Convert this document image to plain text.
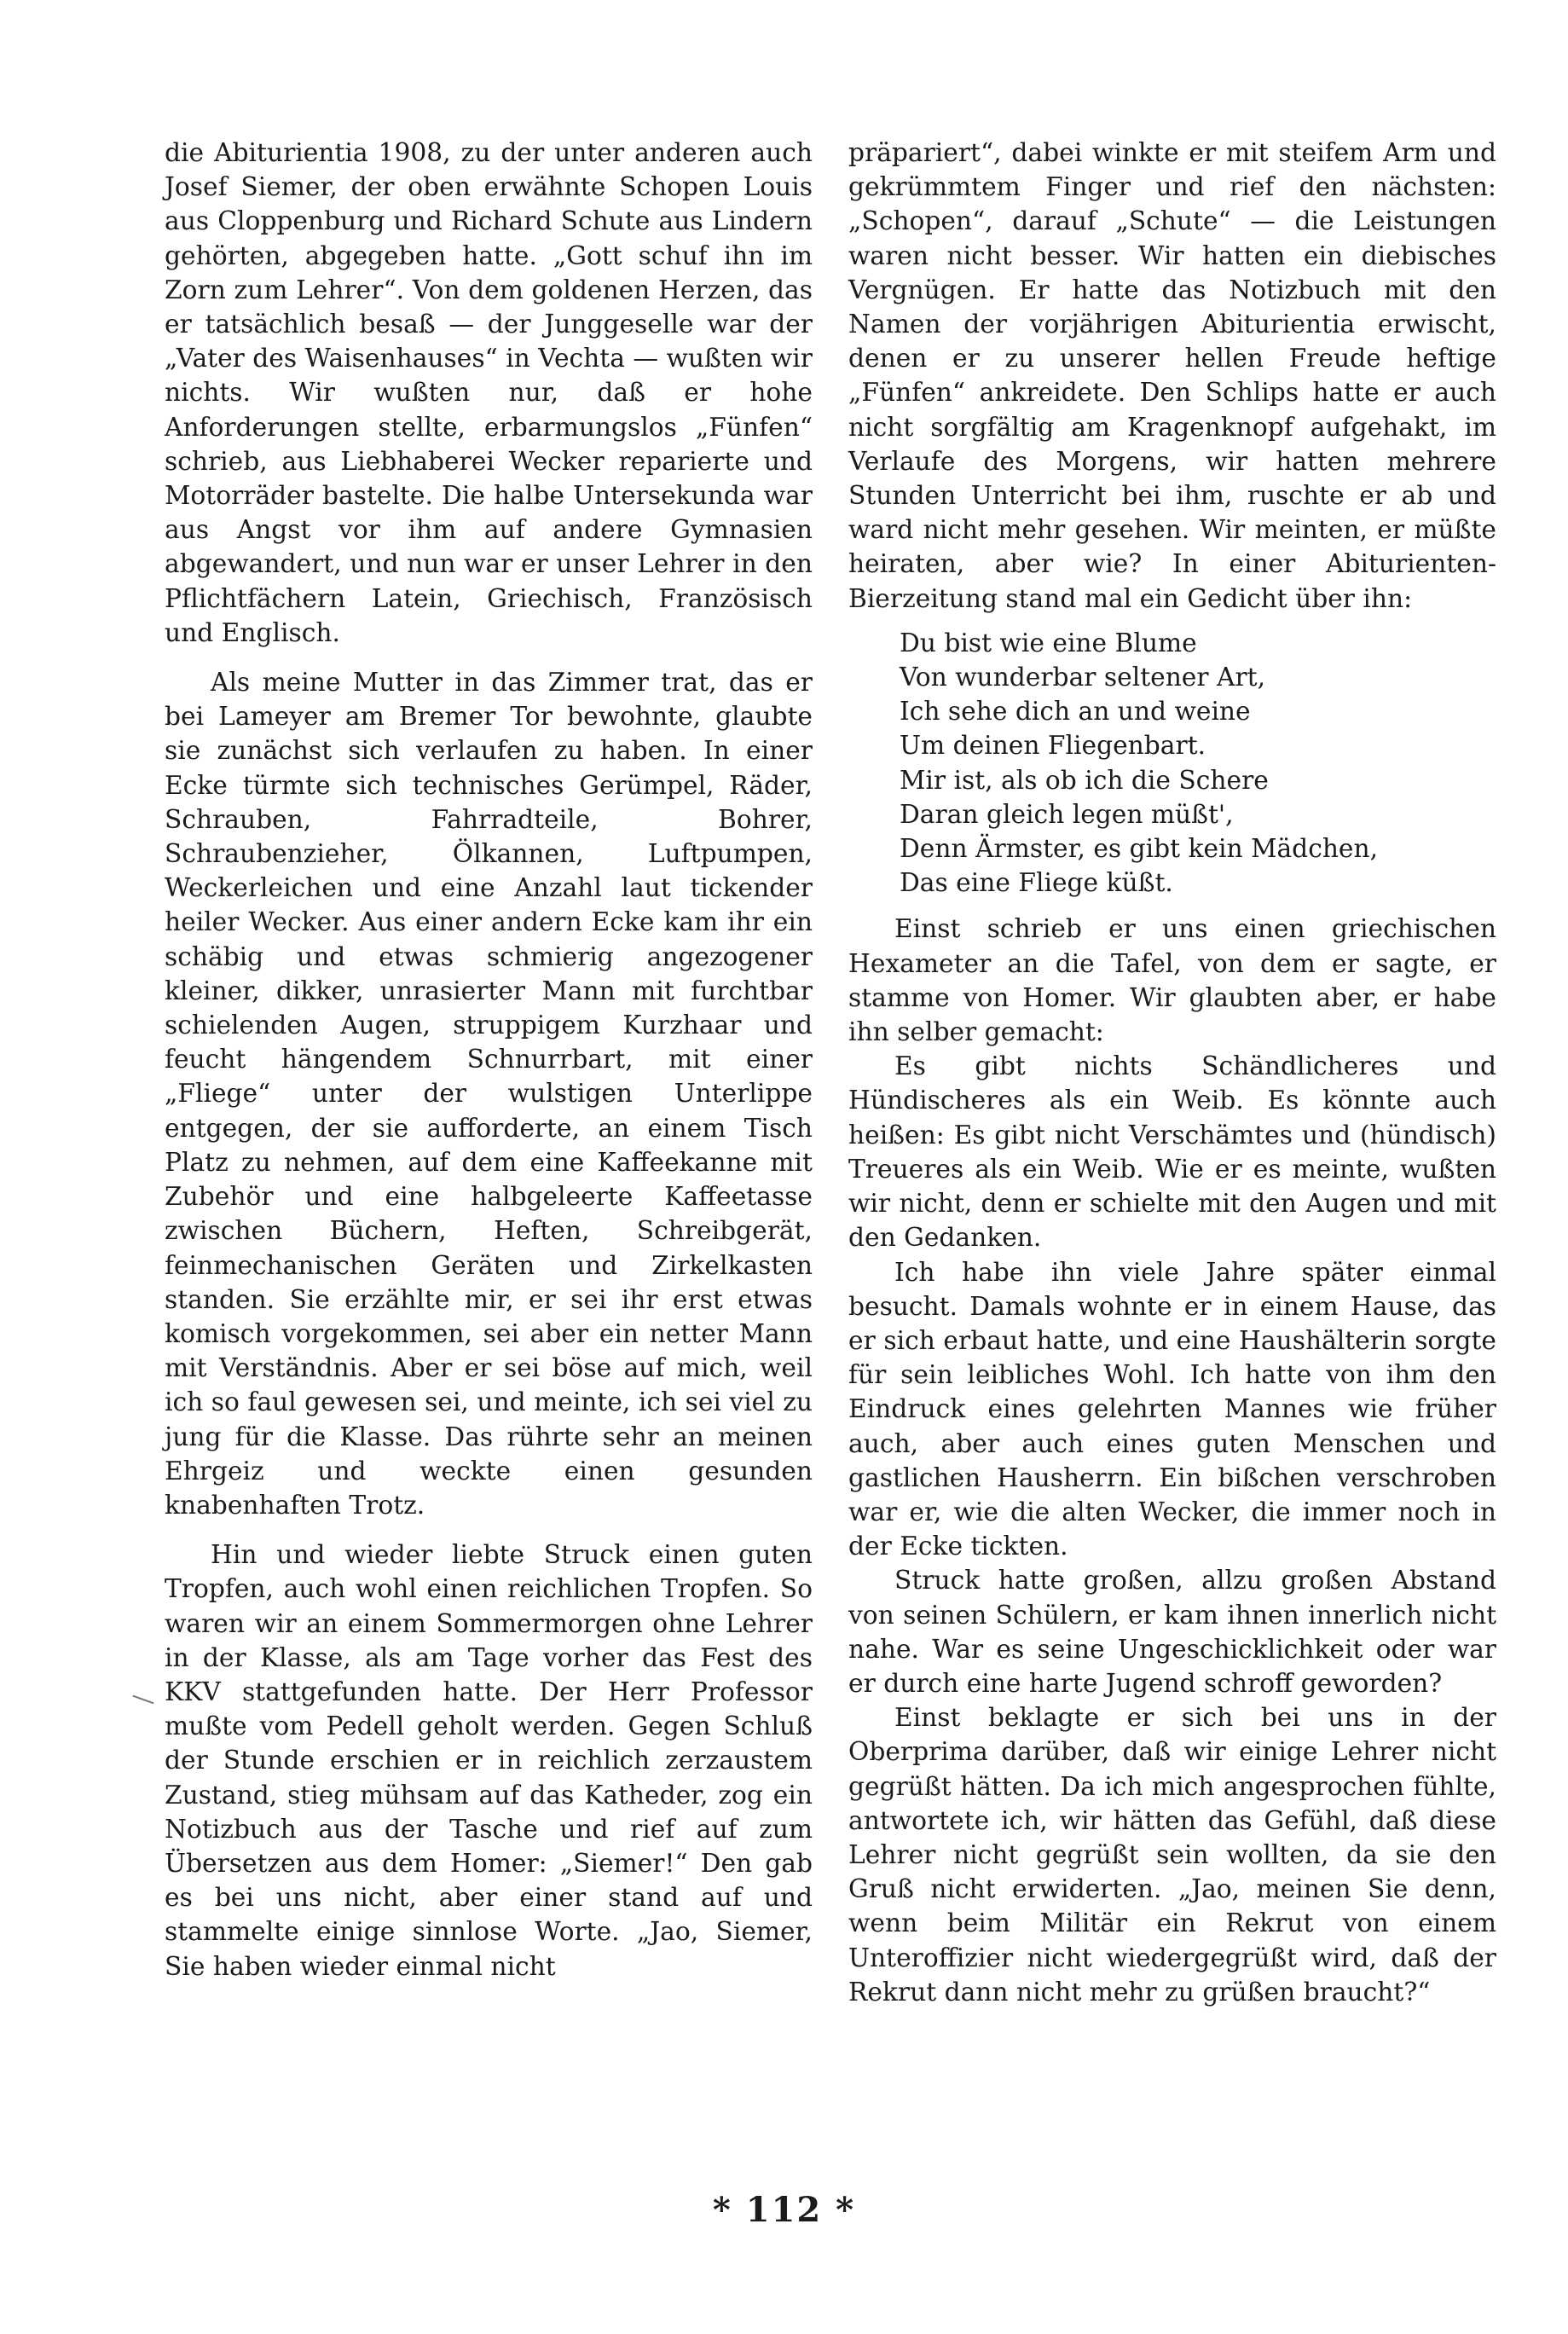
die Abiturientia 1908, zu der unter anderen auch Josef Siemer, der oben erwähnte Schopen Louis aus Cloppenburg und Richard Schute aus Lindern gehörten, abgegeben hatte. „Gott schuf ihn im Zorn zum Lehrer“. Von dem goldenen Herzen, das er tatsächlich besaß — der Junggeselle war der „Vater des Waisenhauses“ in Vechta — wußten wir nichts. Wir wußten nur, daß er hohe Anforderungen stellte, erbarmungslos „Fünfen“ schrieb, aus Liebhaberei Wecker reparierte und Motorräder bastelte. Die halbe Untersekunda war aus Angst vor ihm auf andere Gymnasien abgewandert, und nun war er unser Lehrer in den Pflichtfächern Latein, Griechisch, Französisch und Englisch.

Als meine Mutter in das Zimmer trat, das er bei Lameyer am Bremer Tor bewohnte, glaubte sie zunächst sich verlaufen zu haben. In einer Ecke türmte sich technisches Gerümpel, Räder, Schrauben, Fahrradteile, Bohrer, Schraubenzieher, Ölkannen, Luftpumpen, Weckerleichen und eine Anzahl laut tickender heiler Wecker. Aus einer andern Ecke kam ihr ein schäbig und etwas schmierig angezogener kleiner, dikker, unrasierter Mann mit furchtbar schielenden Augen, struppigem Kurzhaar und feucht hängendem Schnurrbart, mit einer „Fliege“ unter der wulstigen Unterlippe entgegen, der sie aufforderte, an einem Tisch Platz zu nehmen, auf dem eine Kaffeekanne mit Zubehör und eine halbgeleerte Kaffeetasse zwischen Büchern, Heften, Schreibgerät, feinmechanischen Geräten und Zirkelkasten standen. Sie erzählte mir, er sei ihr erst etwas komisch vorgekommen, sei aber ein netter Mann mit Verständnis. Aber er sei böse auf mich, weil ich so faul gewesen sei, und meinte, ich sei viel zu jung für die Klasse. Das rührte sehr an meinen Ehrgeiz und weckte einen gesunden knabenhaften Trotz.

Hin und wieder liebte Struck einen guten Tropfen, auch wohl einen reichlichen Tropfen. So waren wir an einem Sommermorgen ohne Lehrer in der Klasse, als am Tage vorher das Fest des KKV stattgefunden hatte. Der Herr Professor mußte vom Pedell geholt werden. Gegen Schluß der Stunde erschien er in reichlich zerzaustem Zustand, stieg mühsam auf das Katheder, zog ein Notizbuch aus der Tasche und rief auf zum Übersetzen aus dem Homer: „Siemer!“ Den gab es bei uns nicht, aber einer stand auf und stammelte einige sinnlose Worte. „Jao, Siemer, Sie haben wieder einmal nicht

präpariert“, dabei winkte er mit steifem Arm und gekrümmtem Finger und rief den nächsten: „Schopen“, darauf „Schute“ — die Leistungen waren nicht besser. Wir hatten ein diebisches Vergnügen. Er hatte das Notizbuch mit den Namen der vorjährigen Abiturientia erwischt, denen er zu unserer hellen Freude heftige „Fünfen“ ankreidete. Den Schlips hatte er auch nicht sorgfältig am Kragenknopf aufgehakt, im Verlaufe des Morgens, wir hatten mehrere Stunden Unterricht bei ihm, ruschte er ab und ward nicht mehr gesehen. Wir meinten, er müßte heiraten, aber wie? In einer Abiturienten-Bierzeitung stand mal ein Gedicht über ihn:

Du bist wie eine Blume
Von wunderbar seltener Art,
Ich sehe dich an und weine
Um deinen Fliegenbart.
Mir ist, als ob ich die Schere
Daran gleich legen müßt',
Denn Ärmster, es gibt kein Mädchen,
Das eine Fliege küßt.

Einst schrieb er uns einen griechischen Hexameter an die Tafel, von dem er sagte, er stamme von Homer. Wir glaubten aber, er habe ihn selber gemacht:

Es gibt nichts Schändlicheres und Hündischeres als ein Weib. Es könnte auch heißen: Es gibt nicht Verschämtes und (hündisch) Treueres als ein Weib. Wie er es meinte, wußten wir nicht, denn er schielte mit den Augen und mit den Gedanken.

Ich habe ihn viele Jahre später einmal besucht. Damals wohnte er in einem Hause, das er sich erbaut hatte, und eine Haushälterin sorgte für sein leibliches Wohl. Ich hatte von ihm den Eindruck eines gelehrten Mannes wie früher auch, aber auch eines guten Menschen und gastlichen Hausherrn. Ein bißchen verschroben war er, wie die alten Wecker, die immer noch in der Ecke tickten.

Struck hatte großen, allzu großen Abstand von seinen Schülern, er kam ihnen innerlich nicht nahe. War es seine Ungeschicklichkeit oder war er durch eine harte Jugend schroff geworden?

Einst beklagte er sich bei uns in der Oberprima darüber, daß wir einige Lehrer nicht gegrüßt hätten. Da ich mich angesprochen fühlte, antwortete ich, wir hätten das Gefühl, daß diese Lehrer nicht gegrüßt sein wollten, da sie den Gruß nicht erwiderten. „Jao, meinen Sie denn, wenn beim Militär ein Rekrut von einem Unteroffizier nicht wiedergegrüßt wird, daß der Rekrut dann nicht mehr zu grüßen braucht?“

* 112 *
